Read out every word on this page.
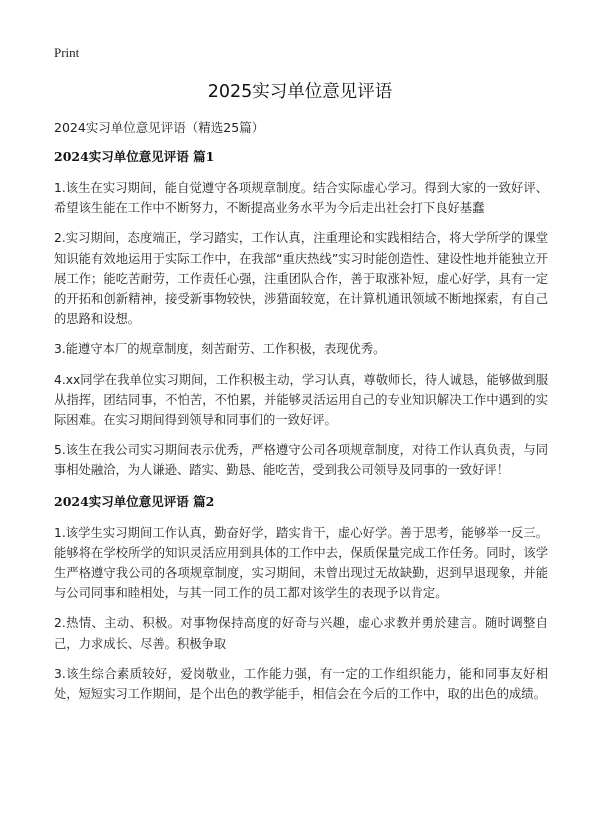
Print
2025实习单位意见评语

2024实习单位意见评语（精选25篇）

2024实习单位意见评语 篇1

1.该生在实习期间，能自觉遵守各项规章制度。结合实际虚心学习。得到大家的一致好评、希望该生能在工作中不断努力，不断提高业务水平为今后走出社会打下良好基蠢

2.实习期间，态度端正，学习踏实，工作认真，注重理论和实践相结合，将大学所学的课堂知识能有效地运用于实际工作中，在我部“重庆热线”实习时能创造性、建设性地并能独立开展工作；能吃苦耐劳，工作责任心强，注重团队合作，善于取涨补短，虚心好学，具有一定的开拓和创新精神，接受新事物较快，涉猎面较宽，在计算机通讯领域不断地探索，有自己的思路和设想。

3.能遵守本厂的规章制度，刻苦耐劳、工作积极，表现优秀。

4.xx同学在我单位实习期间，工作积极主动，学习认真，尊敬师长，待人诚恳，能够做到服从指挥，团结同事，不怕苦，不怕累，并能够灵活运用自己的专业知识解决工作中遇到的实际困难。在实习期间得到领导和同事们的一致好评。

5.该生在我公司实习期间表示优秀，严格遵守公司各项规章制度，对待工作认真负责，与同事相处融洽，为人谦逊、踏实、勤恳、能吃苦，受到我公司领导及同事的一致好评！

2024实习单位意见评语 篇2

1.该学生实习期间工作认真，勤奋好学，踏实肯干，虚心好学。善于思考，能够举一反三。能够将在学校所学的知识灵活应用到具体的工作中去，保质保量完成工作任务。同时，该学生严格遵守我公司的各项规章制度，实习期间，未曾出现过无故缺勤，迟到早退现象，并能与公司同事和睦相处，与其一同工作的员工都对该学生的表现予以肯定。

2.热情、主动、积极。对事物保持高度的好奇与兴趣，虚心求教并勇於建言。随时调整自己，力求成长、尽善。积极争取

3.该生综合素质较好，爱岗敬业，工作能力强，有一定的工作组织能力，能和同事友好相处，短短实习工作期间，是个出色的教学能手，相信会在今后的工作中，取的出色的成绩。
